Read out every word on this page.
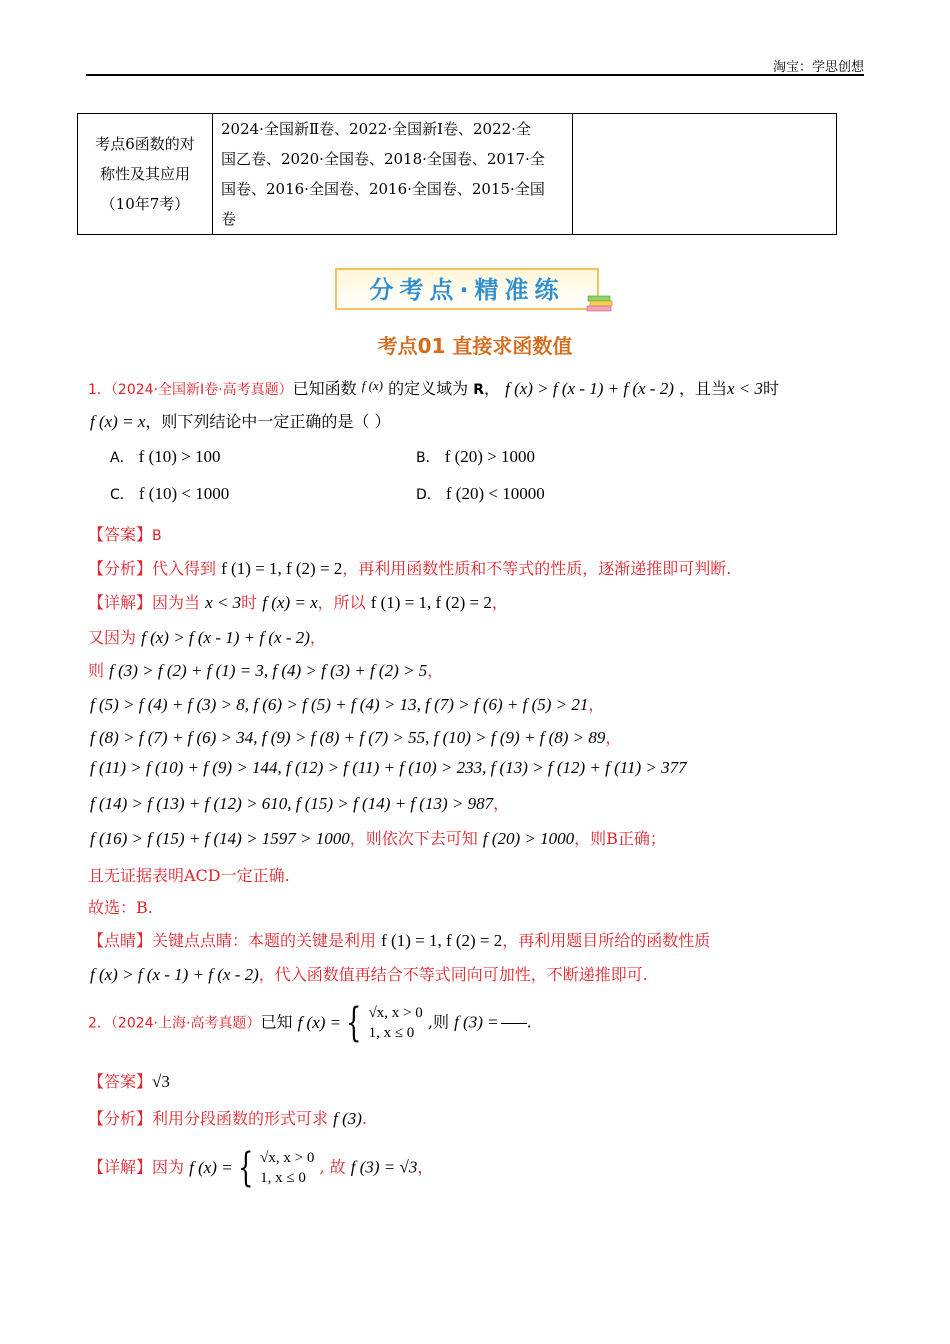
淘宝：学思创想
考点6函数的对
称性及其应用
（10年7考）

2024·全国新Ⅱ卷、2022·全国新Ⅰ卷、2022·全
国乙卷、2020·全国卷、2018·全国卷、2017·全
国卷、2016·全国卷、2016·全国卷、2015·全国
卷

分考点·精准练
考点01 直接求函数值
1．（2024·全国新Ⅰ卷·高考真题）已知函数 $^{f (x)}$ 的定义域为 R， f (x) > f (x - 1) + f (x - 2) ，且当x < 3时
f (x) = x，则下列结论中一定正确的是（ ）
A． f (10) > 100	B． f (20) > 1000
C． f (10) < 1000	D． f (20) < 10000
【答案】B
【分析】代入得到 f (1) = 1, f (2) = 2，再利用函数性质和不等式的性质，逐渐递推即可判断.
【详解】因为当 x < 3时 f (x) = x，所以 f (1) = 1, f (2) = 2，
又因为 f (x) > f (x - 1) + f (x - 2)，
则 f (3) > f (2) + f (1) = 3, f (4) > f (3) + f (2) > 5，
f (5) > f (4) + f (3) > 8, f (6) > f (5) + f (4) > 13, f (7) > f (6) + f (5) > 21，
f (8) > f (7) + f (6) > 34, f (9) > f (8) + f (7) > 55, f (10) > f (9) + f (8) > 89，
f (11) > f (10) + f (9) > 144, f (12) > f (11) + f (10) > 233, f (13) > f (12) + f (11) > 377
f (14) > f (13) + f (12) > 610, f (15) > f (14) + f (13) > 987，
f (16) > f (15) + f (14) > 1597 > 1000，则依次下去可知 f (20) > 1000，则B正确；
且无证据表明ACD一定正确.
故选：B.
【点睛】关键点点睛：本题的关键是利用 f (1) = 1, f (2) = 2，再利用题目所给的函数性质
f (x) > f (x - 1) + f (x - 2)，代入函数值再结合不等式同向可加性，不断递推即可.
2．（2024·上海·高考真题）已知 f (x) = { √x, x > 0
1, x ≤ 0
,则 f (3) = .
【答案】√3
【分析】利用分段函数的形式可求 f (3).
【详解】因为 f (x) = { √x, x > 0
1, x ≤ 0
, 故 f (3) = √3，
